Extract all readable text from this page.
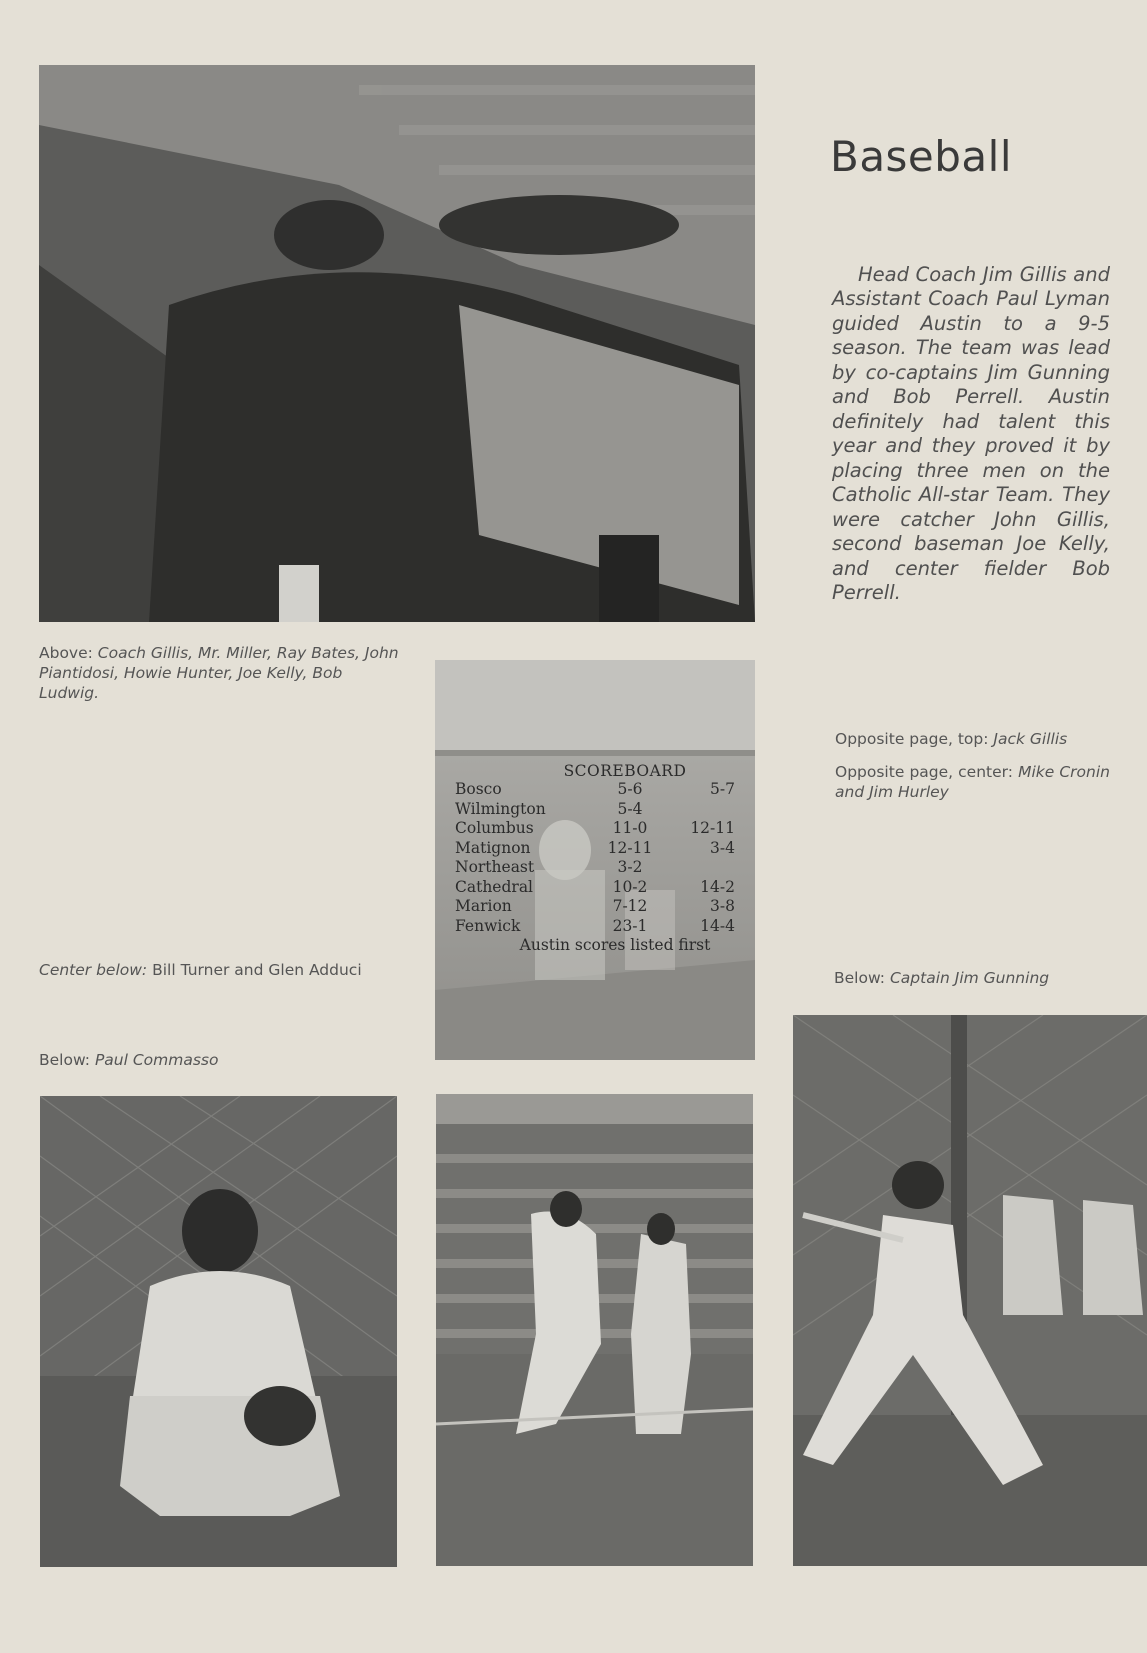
Baseball

Head Coach Jim Gillis and Assistant Coach Paul Lyman guided Austin to a 9-5 season. The team was lead by co-captains Jim Gunning and Bob Perrell. Austin definitely had talent this year and they proved it by placing three men on the Catholic All-star Team. They were catcher John Gillis, second baseman Joe Kelly, and center fielder Bob Perrell.

Above: Coach Gillis, Mr. Miller, Ray Bates, John Piantidosi, Howie Hunter, Joe Kelly, Bob Ludwig.
Center below: Bill Turner and Glen Adduci
Below: Paul Commasso
Opposite page, top: Jack Gillis
Opposite page, center: Mike Cronin and Jim Hurley
Below: Captain Jim Gunning
SCOREBOARD
Bosco	5-6	5-7
Wilmington	5-4
Columbus	11-0	12-11
Matignon	12-11	3-4
Northeast	3-2
Cathedral	10-2	14-2
Marion	7-12	3-8
Fenwick	23-1	14-4
Austin scores listed first
